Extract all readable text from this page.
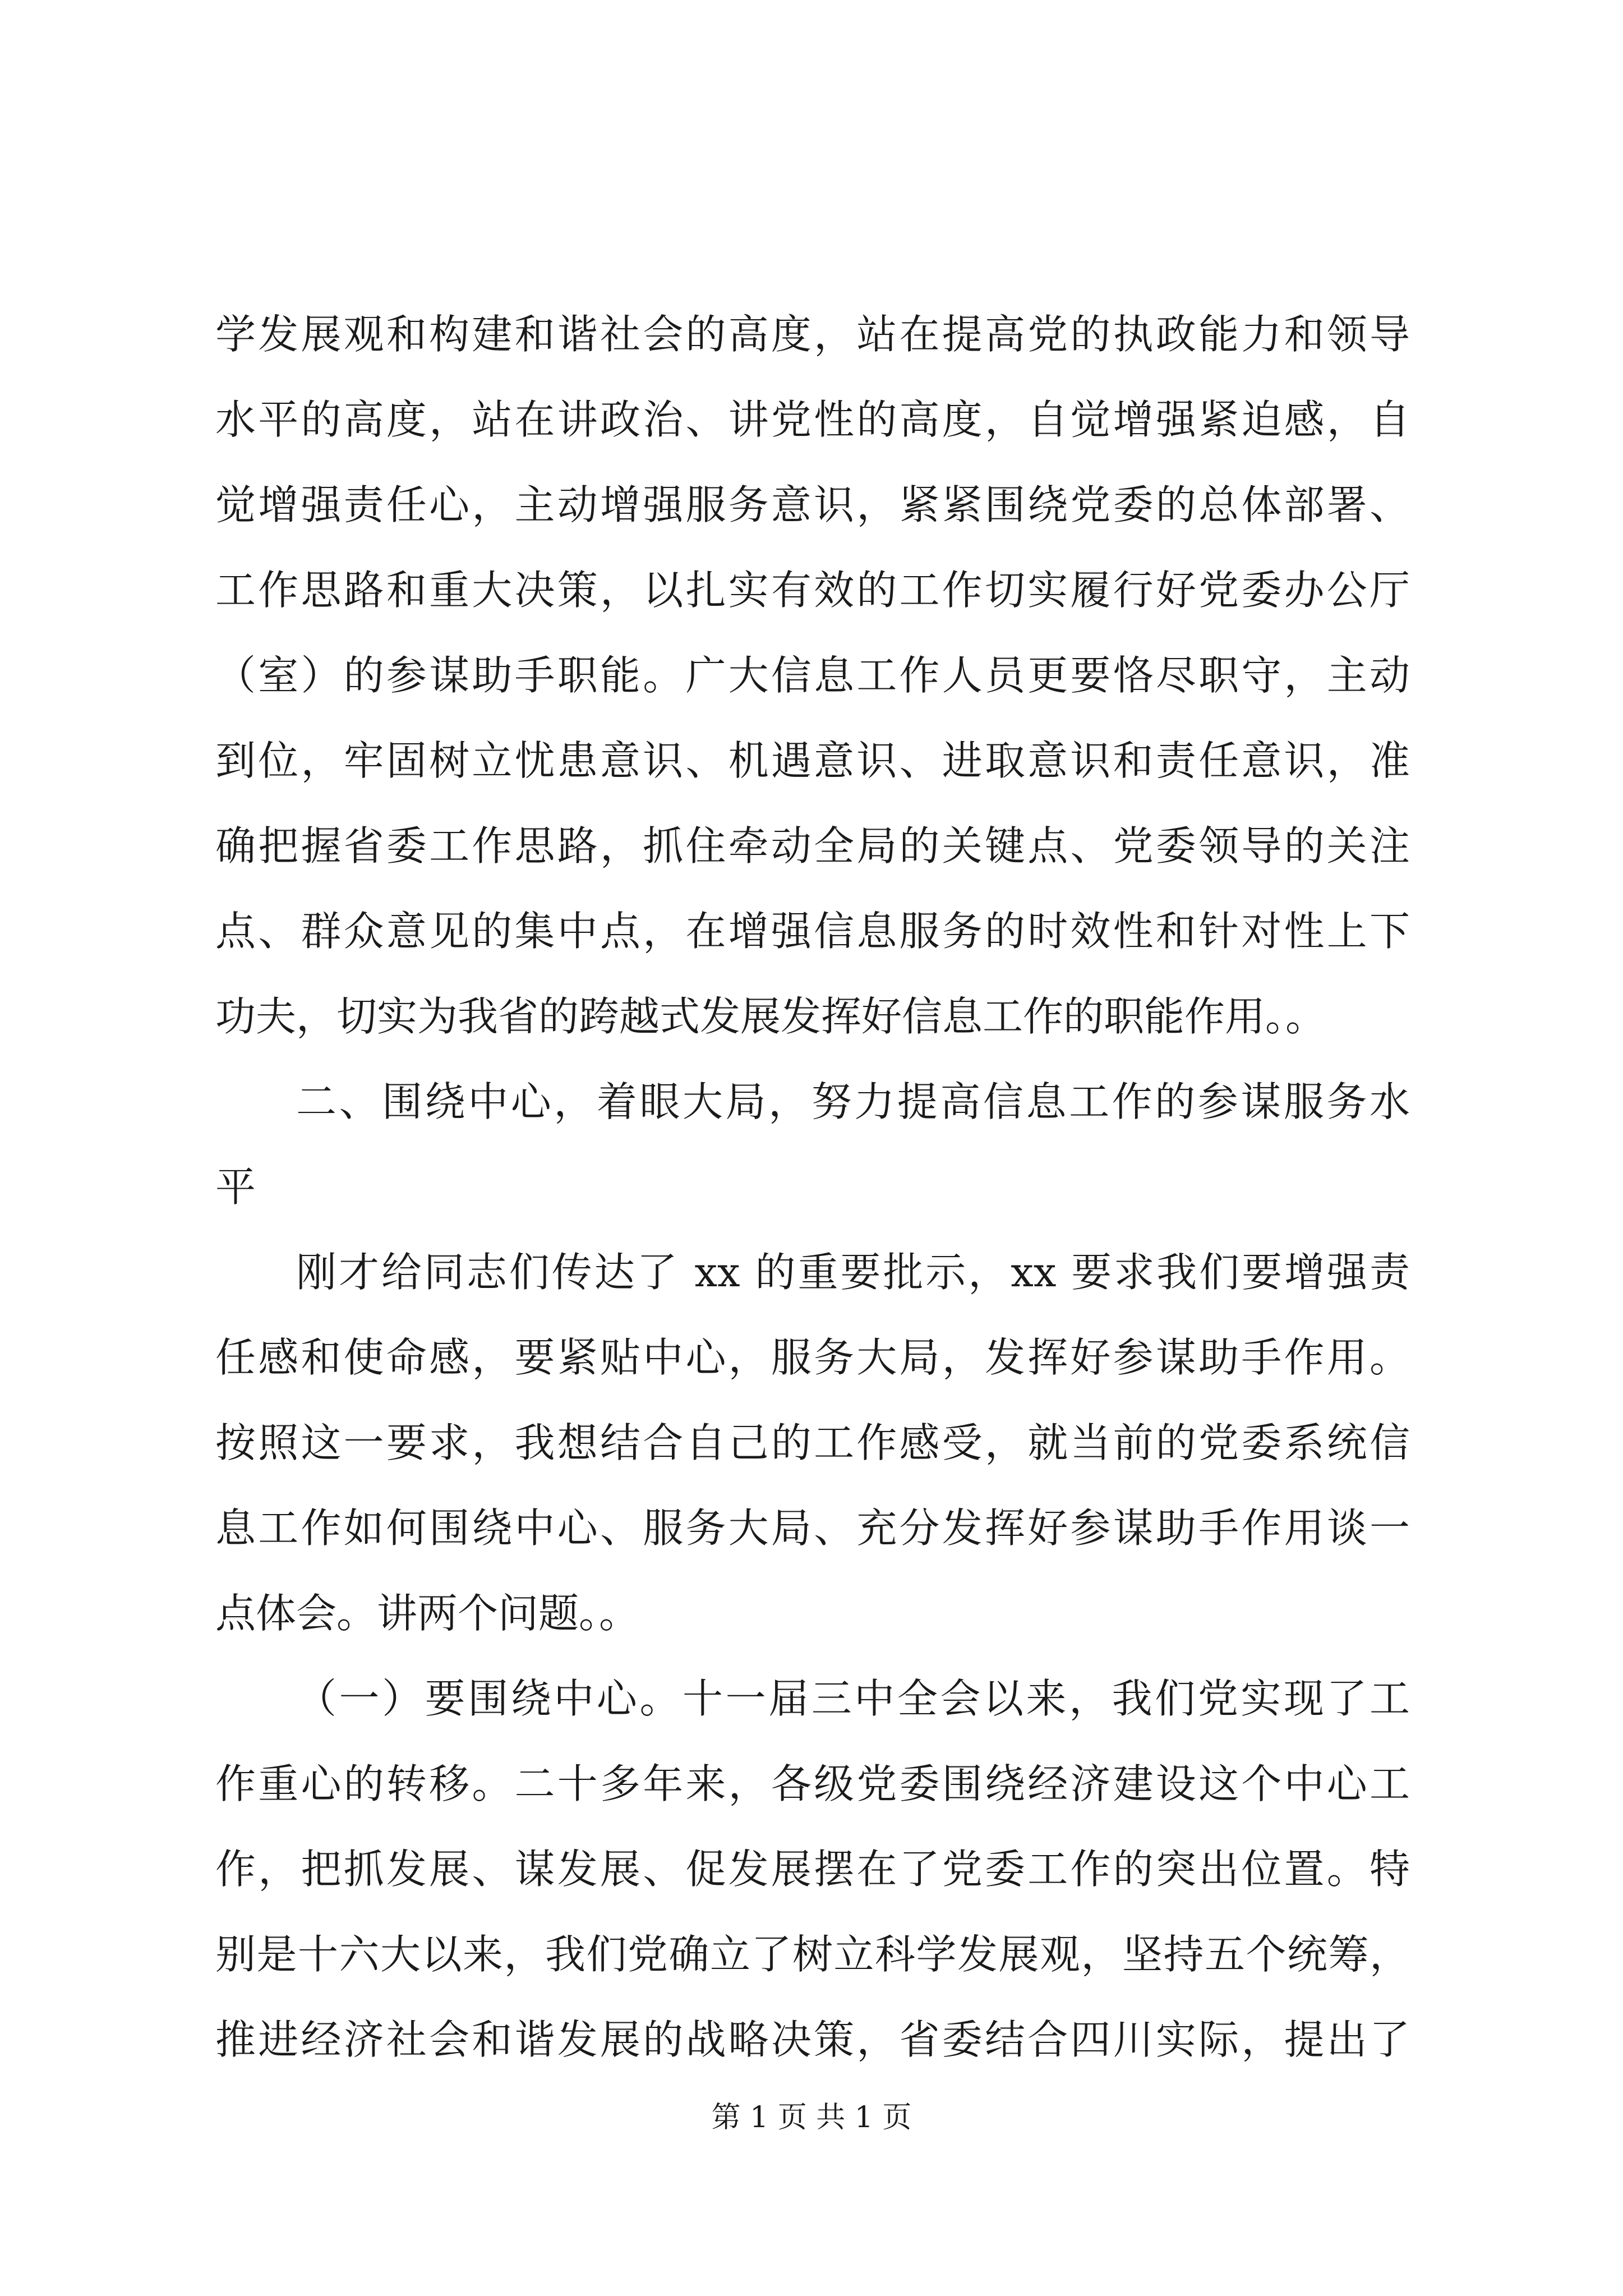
学发展观和构建和谐社会的高度，站在提高党的执政能力和领导
水平的高度，站在讲政治、讲党性的高度，自觉增强紧迫感，自
觉增强责任心，主动增强服务意识，紧紧围绕党委的总体部署、
工作思路和重大决策，以扎实有效的工作切实履行好党委办公厅
（室）的参谋助手职能。广大信息工作人员更要恪尽职守，主动
到位，牢固树立忧患意识、机遇意识、进取意识和责任意识，准
确把握省委工作思路，抓住牵动全局的关键点、党委领导的关注
点、群众意见的集中点，在增强信息服务的时效性和针对性上下
功夫，切实为我省的跨越式发展发挥好信息工作的职能作用。。
二、围绕中心，着眼大局，努力提高信息工作的参谋服务水
平
刚才给同志们传达了 xx 的重要批示，xx 要求我们要增强责
任感和使命感，要紧贴中心，服务大局，发挥好参谋助手作用。
按照这一要求，我想结合自己的工作感受，就当前的党委系统信
息工作如何围绕中心、服务大局、充分发挥好参谋助手作用谈一
点体会。讲两个问题。。
（一）要围绕中心。十一届三中全会以来，我们党实现了工
作重心的转移。二十多年来，各级党委围绕经济建设这个中心工
作，把抓发展、谋发展、促发展摆在了党委工作的突出位置。特
别是十六大以来，我们党确立了树立科学发展观，坚持五个统筹，
推进经济社会和谐发展的战略决策，省委结合四川实际，提出了
第 1 页 共 1 页
